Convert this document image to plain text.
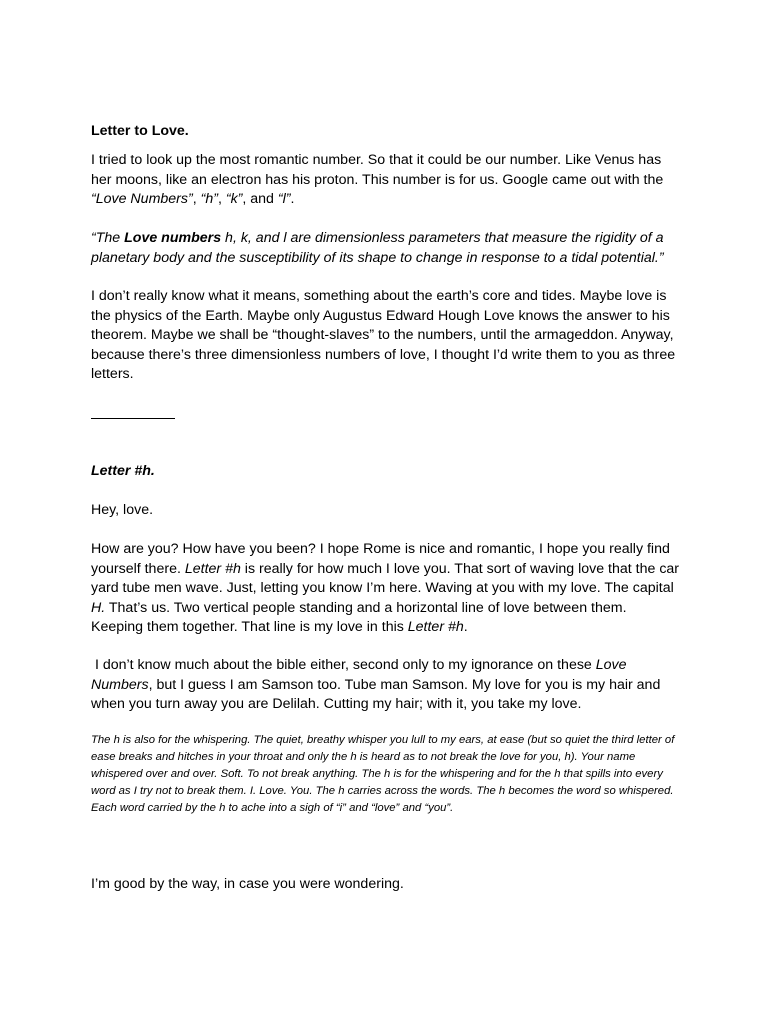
Letter to Love.

I tried to look up the most romantic number. So that it could be our number. Like Venus has her moons, like an electron has his proton. This number is for us. Google came out with the “Love Numbers”, “h”, “k”, and “l”.

“The Love numbers h, k, and l are dimensionless parameters that measure the rigidity of a planetary body and the susceptibility of its shape to change in response to a tidal potential.”

I don’t really know what it means, something about the earth’s core and tides. Maybe love is the physics of the Earth. Maybe only Augustus Edward Hough Love knows the answer to his theorem. Maybe we shall be “thought-slaves” to the numbers, until the armageddon. Anyway, because there’s three dimensionless numbers of love, I thought I’d write them to you as three letters.

Letter #h.

Hey, love.

How are you? How have you been? I hope Rome is nice and romantic, I hope you really find yourself there. Letter #h is really for how much I love you. That sort of waving love that the car yard tube men wave. Just, letting you know I’m here. Waving at you with my love. The capital H. That’s us. Two vertical people standing and a horizontal line of love between them. Keeping them together. That line is my love in this Letter #h.

I don’t know much about the bible either, second only to my ignorance on these Love Numbers, but I guess I am Samson too. Tube man Samson. My love for you is my hair and when you turn away you are Delilah. Cutting my hair; with it, you take my love.

The h is also for the whispering. The quiet, breathy whisper you lull to my ears, at ease (but so quiet the third letter of ease breaks and hitches in your throat and only the h is heard as to not break the love for you, h). Your name whispered over and over. Soft. To not break anything. The h is for the whispering and for the h that spills into every word as I try not to break them. I. Love. You. The h carries across the words. The h becomes the word so whispered. Each word carried by the h to ache into a sigh of “i” and “love” and “you”.

I’m good by the way, in case you were wondering.
